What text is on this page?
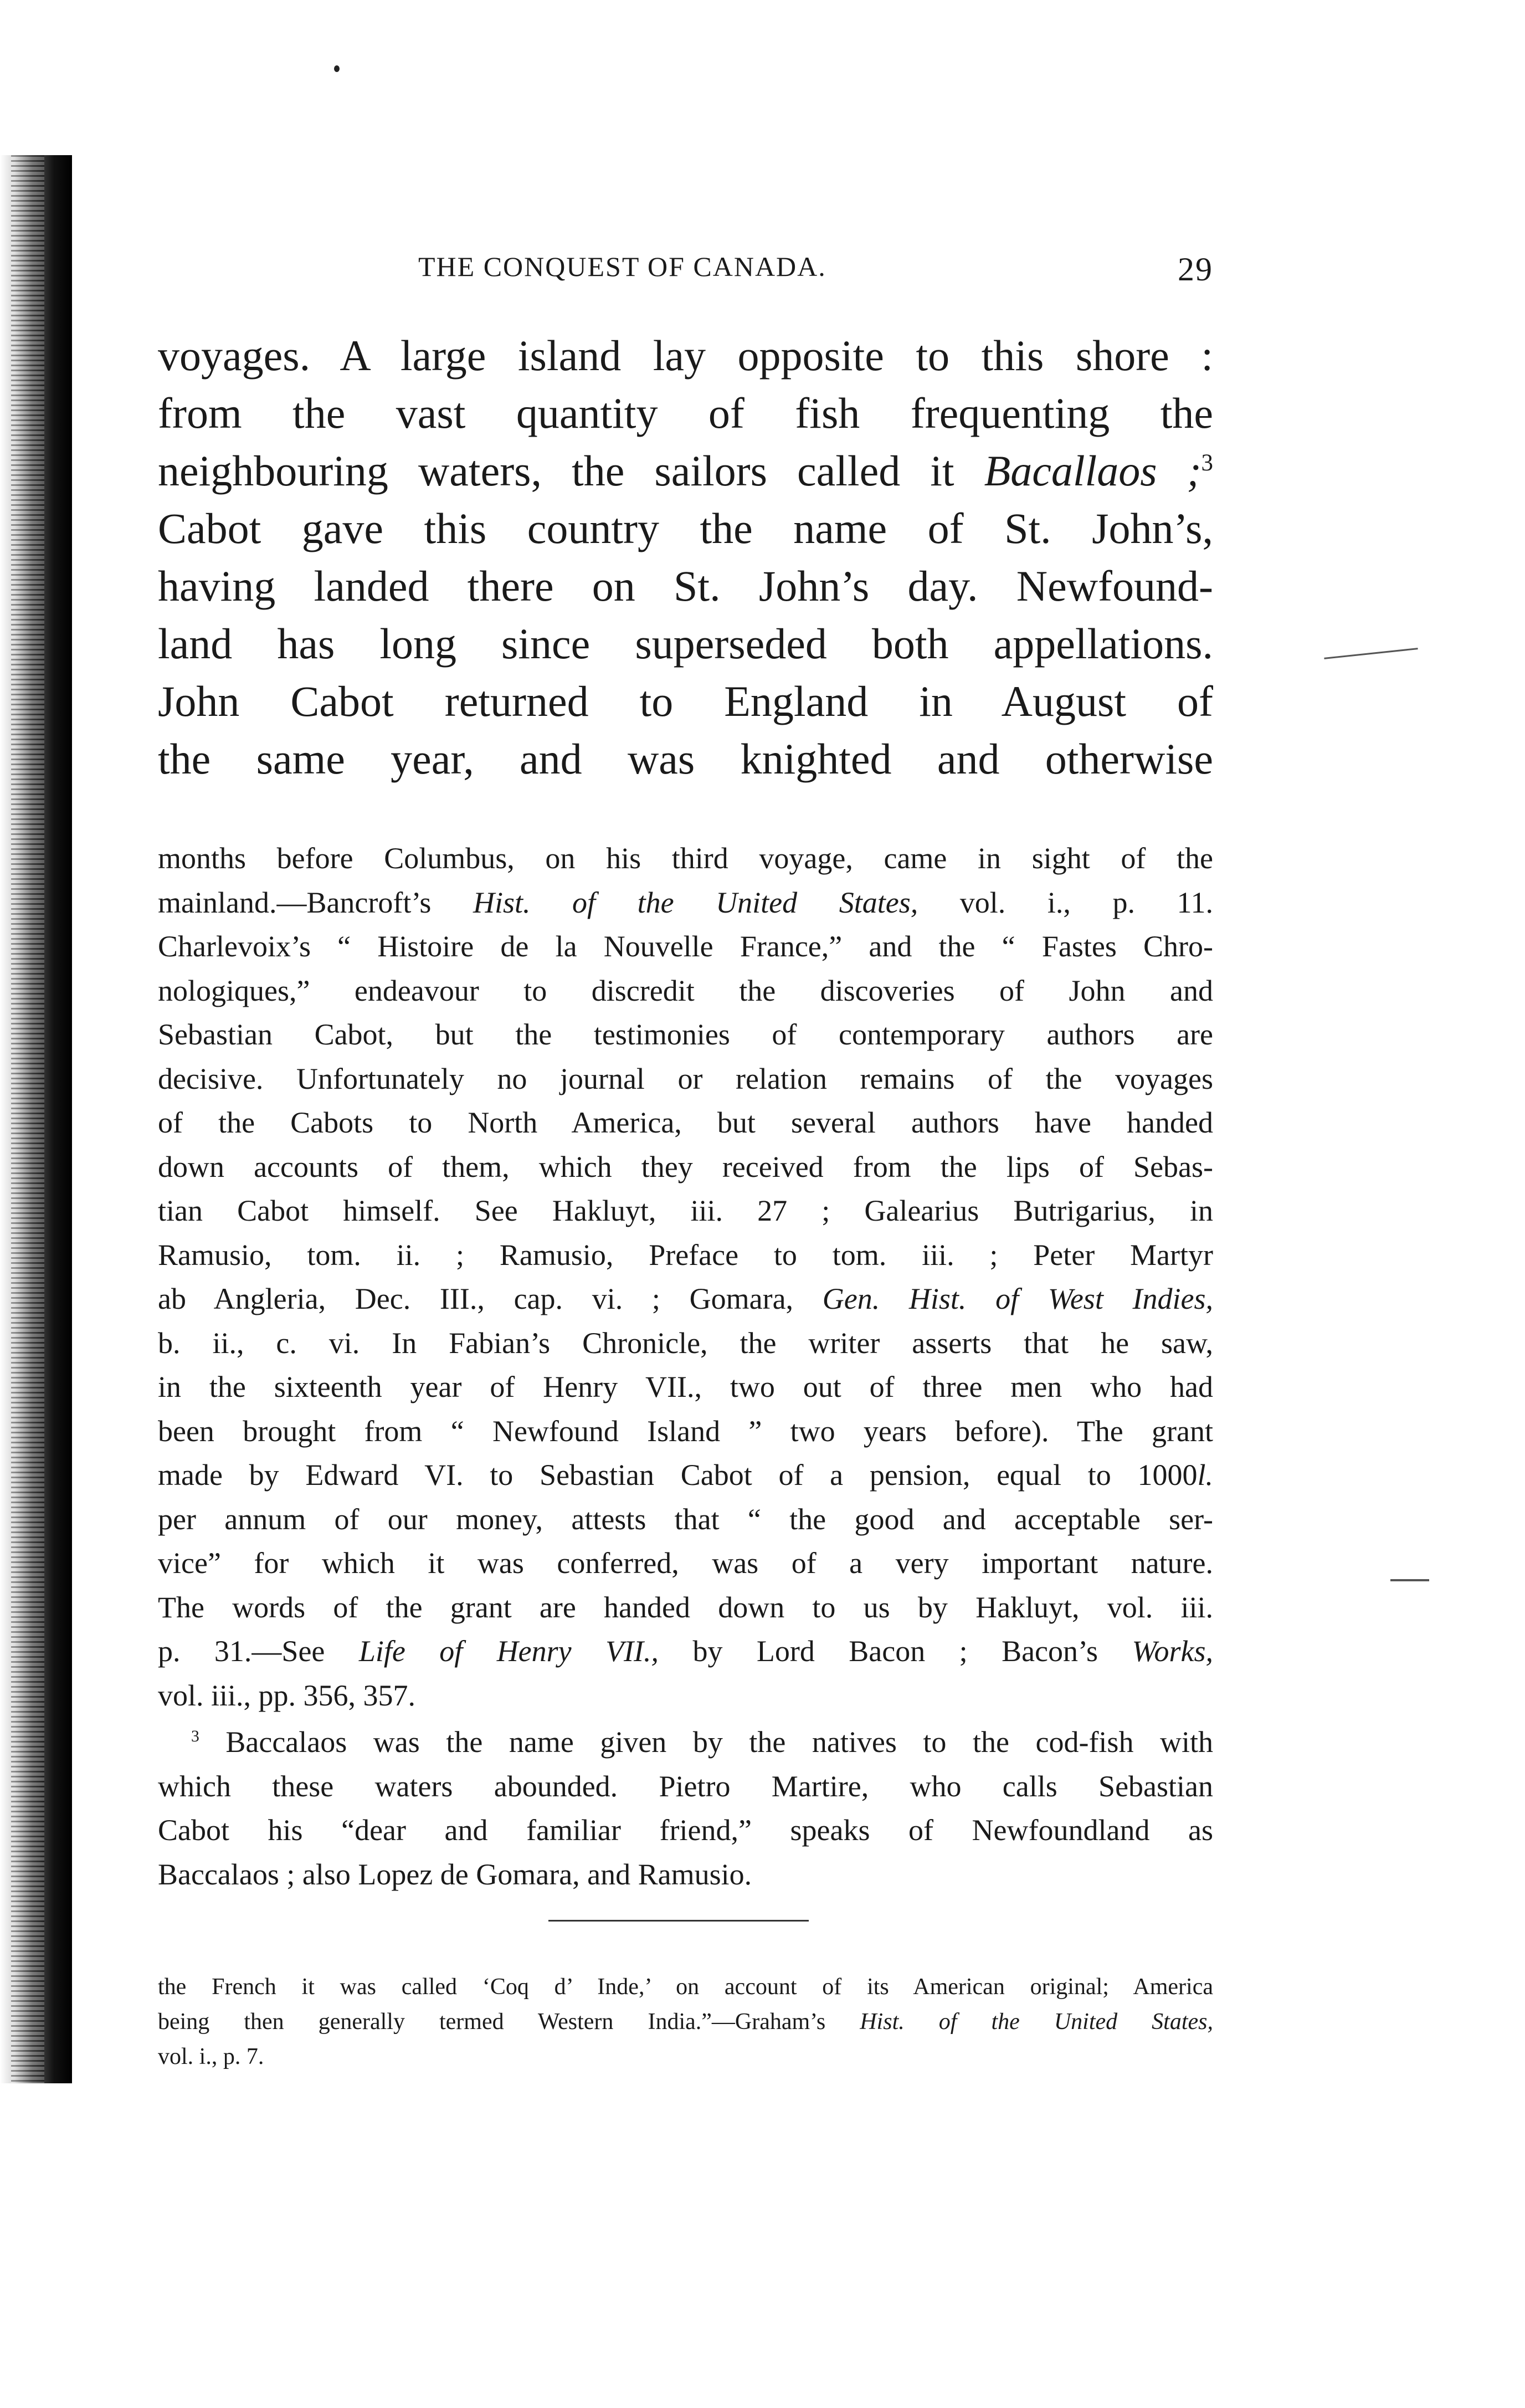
THE CONQUEST OF CANADA.	29
voyages. A large island lay opposite to this shore :
from the vast quantity of fish frequenting the
neighbouring waters, the sailors called it Bacallaos ;$^3$
Cabot gave this country the name of St. John’s,
having landed there on St. John’s day. Newfound-
land has long since superseded both appellations.
John Cabot returned to England in August of
the same year, and was knighted and otherwise
months before Columbus, on his third voyage, came in sight of the
mainland.—Bancroft’s Hist. of the United States, vol. i., p. 11.
Charlevoix’s “ Histoire de la Nouvelle France,” and the “ Fastes Chro-
nologiques,” endeavour to discredit the discoveries of John and
Sebastian Cabot, but the testimonies of contemporary authors are
decisive. Unfortunately no journal or relation remains of the voyages
of the Cabots to North America, but several authors have handed
down accounts of them, which they received from the lips of Sebas-
tian Cabot himself. See Hakluyt, iii. 27 ; Galearius Butrigarius, in
Ramusio, tom. ii. ; Ramusio, Preface to tom. iii. ; Peter Martyr
ab Angleria, Dec. III., cap. vi. ; Gomara, Gen. Hist. of West Indies,
b. ii., c. vi. In Fabian’s Chronicle, the writer asserts that he saw,
in the sixteenth year of Henry VII., two out of three men who had
been brought from “ Newfound Island ” two years before). The grant
made by Edward VI. to Sebastian Cabot of a pension, equal to 1000l.
per annum of our money, attests that “ the good and acceptable ser-
vice” for which it was conferred, was of a very important nature.
The words of the grant are handed down to us by Hakluyt, vol. iii.
p. 31.—See Life of Henry VII., by Lord Bacon ; Bacon’s Works,
vol. iii., pp. 356, 357.
$^3$ Baccalaos was the name given by the natives to the cod-fish with
which these waters abounded. Pietro Martire, who calls Sebastian
Cabot his “dear and familiar friend,” speaks of Newfoundland as
Baccalaos ; also Lopez de Gomara, and Ramusio.
the French it was called ‘Coq d’ Inde,’ on account of its American original; America
being then generally termed Western India.”—Graham’s Hist. of the United States,
vol. i., p. 7.
